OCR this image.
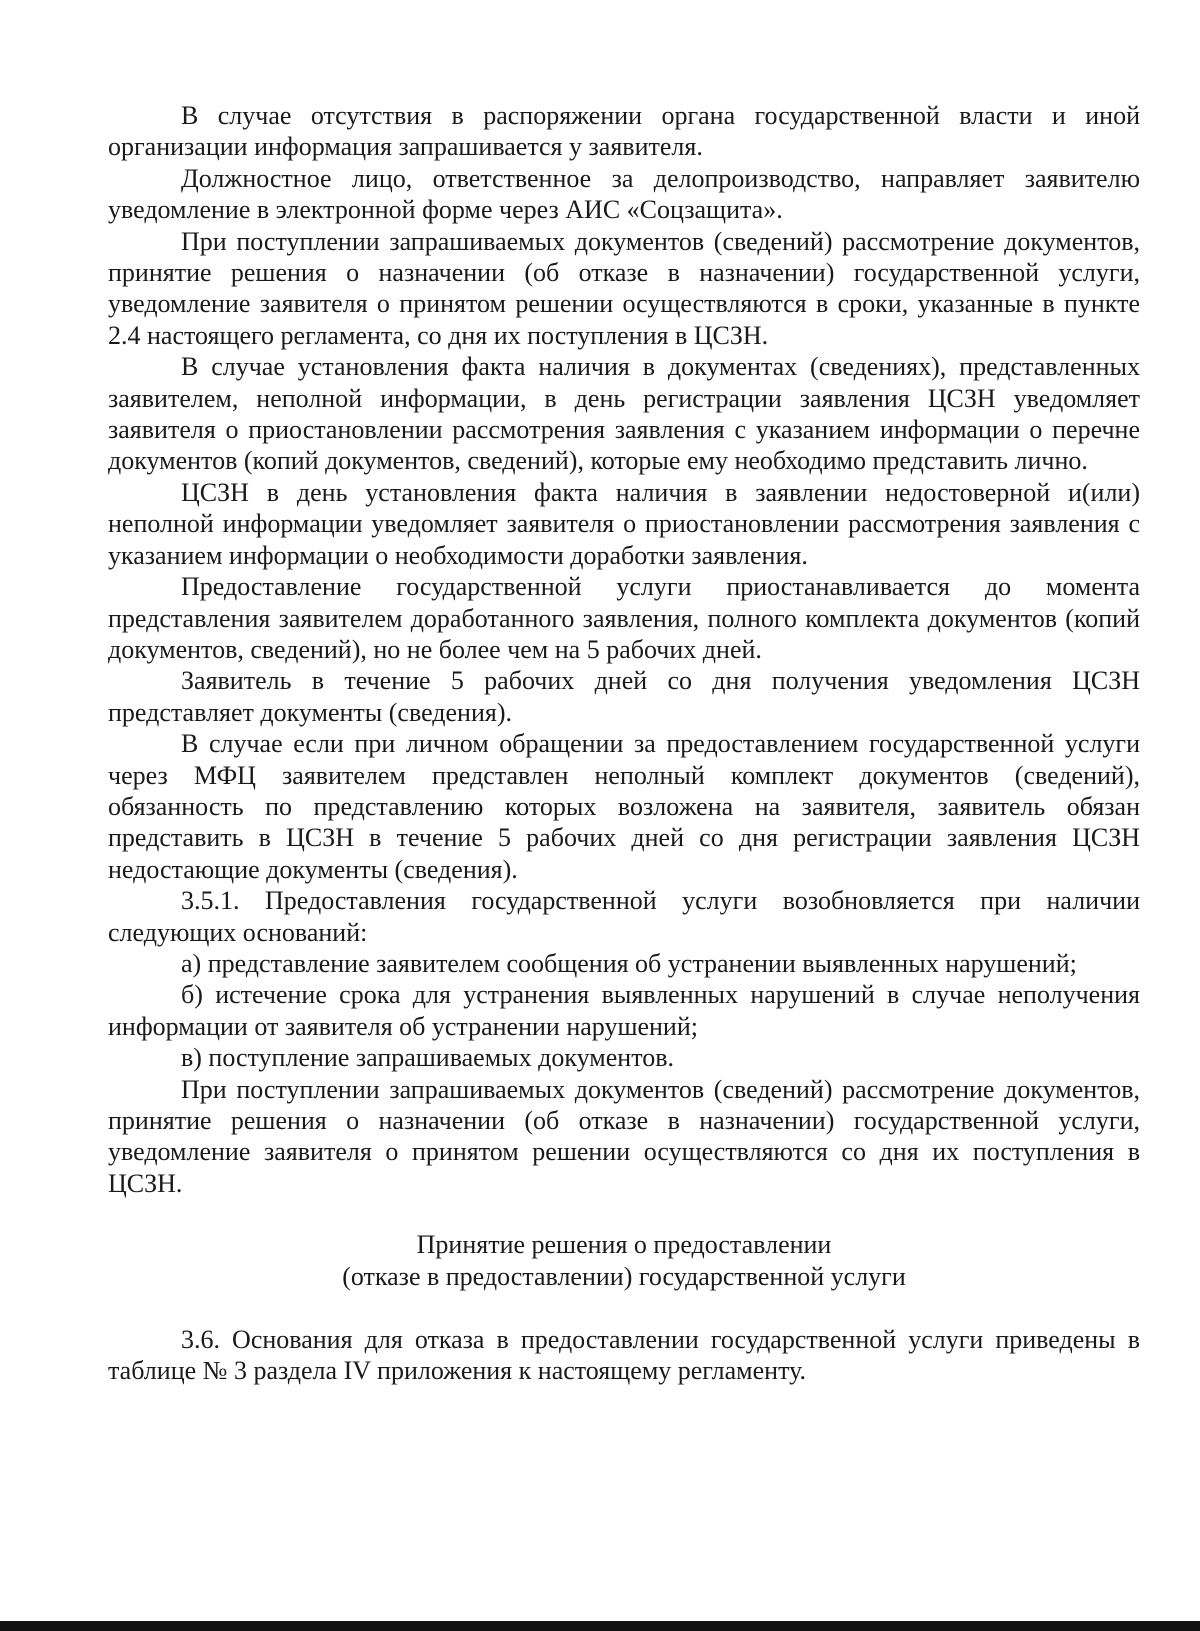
В случае отсутствия в распоряжении органа государственной власти и иной организации информация запрашивается у заявителя.

Должностное лицо, ответственное за делопроизводство, направляет заявителю уведомление в электронной форме через АИС «Соцзащита».

При поступлении запрашиваемых документов (сведений) рассмотрение документов, принятие решения о назначении (об отказе в назначении) государственной услуги, уведомление заявителя о принятом решении осуществляются в сроки, указанные в пункте 2.4 настоящего регламента, со дня их поступления в ЦСЗН.

В случае установления факта наличия в документах (сведениях), представленных заявителем, неполной информации, в день регистрации заявления ЦСЗН уведомляет заявителя о приостановлении рассмотрения заявления с указанием информации о перечне документов (копий документов, сведений), которые ему необходимо представить лично.

ЦСЗН в день установления факта наличия в заявлении недостоверной и(или) неполной информации уведомляет заявителя о приостановлении рассмотрения заявления с указанием информации о необходимости доработки заявления.

Предоставление государственной услуги приостанавливается до момента представления заявителем доработанного заявления, полного комплекта документов (копий документов, сведений), но не более чем на 5 рабочих дней.

Заявитель в течение 5 рабочих дней со дня получения уведомления ЦСЗН представляет документы (сведения).

В случае если при личном обращении за предоставлением государственной услуги через МФЦ заявителем представлен неполный комплект документов (сведений), обязанность по представлению которых возложена на заявителя, заявитель обязан представить в ЦСЗН в течение 5 рабочих дней со дня регистрации заявления ЦСЗН недостающие документы (сведения).

3.5.1. Предоставления государственной услуги возобновляется при наличии следующих оснований:

а) представление заявителем сообщения об устранении выявленных нарушений;

б) истечение срока для устранения выявленных нарушений в случае неполучения информации от заявителя об устранении нарушений;

в) поступление запрашиваемых документов.

При поступлении запрашиваемых документов (сведений) рассмотрение документов, принятие решения о назначении (об отказе в назначении) государственной услуги, уведомление заявителя о принятом решении осуществляются со дня их поступления в ЦСЗН.

Принятие решения о предоставлении
(отказе в предоставлении) государственной услуги

3.6. Основания для отказа в предоставлении государственной услуги приведены в таблице № 3 раздела IV приложения к настоящему регламенту.
